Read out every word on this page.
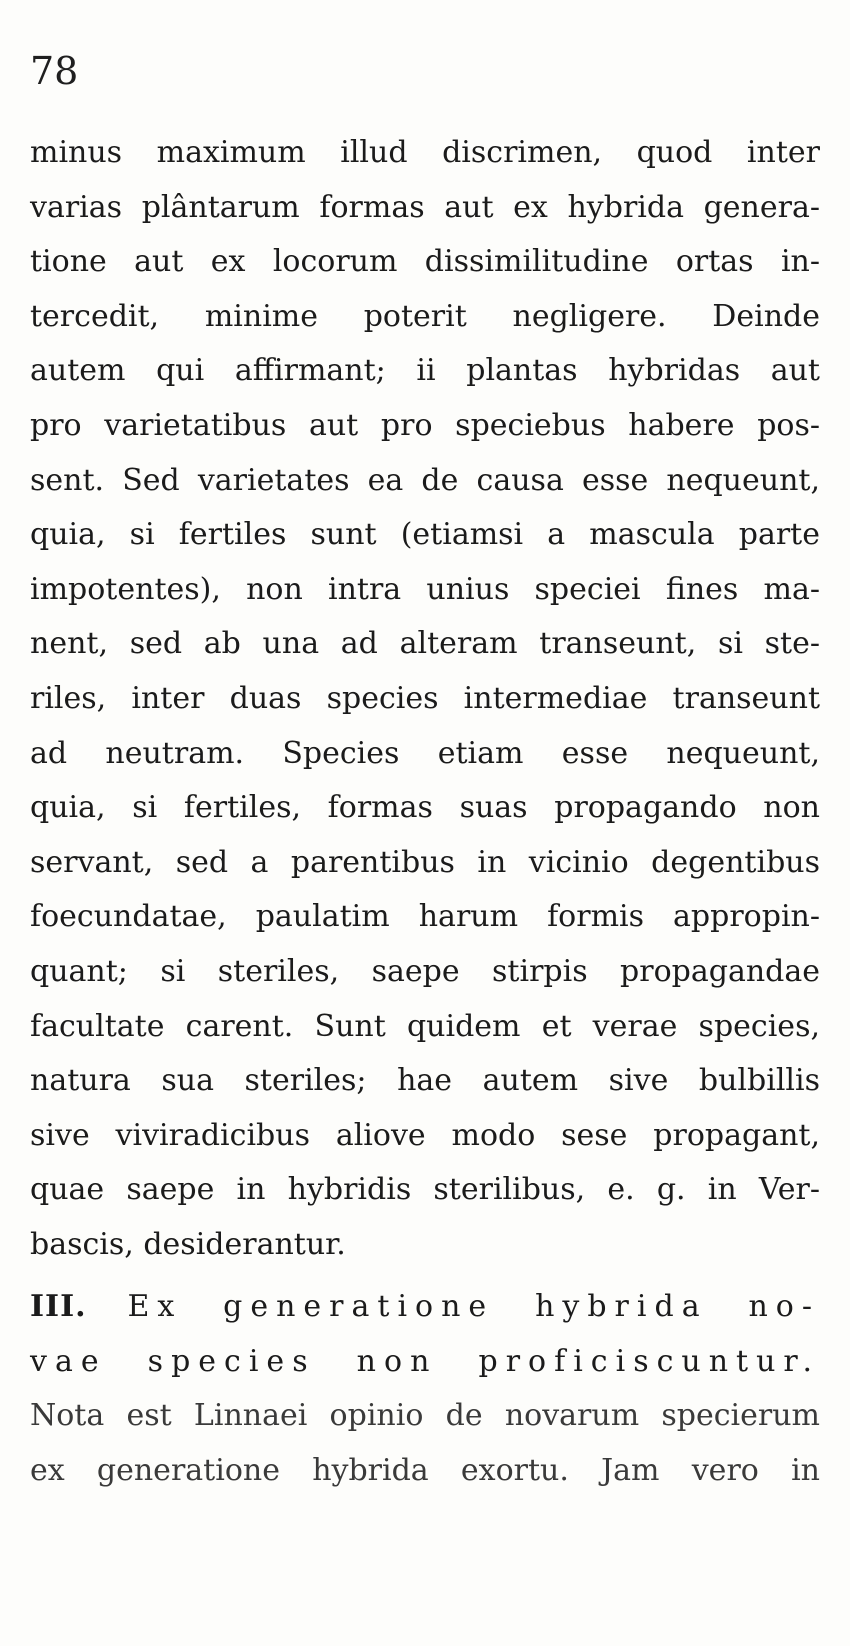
78
minus maximum illud discrimen, quod inter
varias plântarum formas aut ex hybrida genera-
tione aut ex locorum dissimilitudine ortas in-
tercedit, minime poterit negligere. Deinde
autem qui affirmant; ii plantas hybridas aut
pro varietatibus aut pro speciebus habere pos-
sent. Sed varietates ea de causa esse nequeunt,
quia, si fertiles sunt (etiamsi a mascula parte
impotentes), non intra unius speciei fines ma-
nent, sed ab una ad alteram transeunt, si ste-
riles, inter duas species intermediae transeunt
ad neutram. Species etiam esse nequeunt,
quia, si fertiles, formas suas propagando non
servant, sed a parentibus in vicinio degentibus
foecundatae, paulatim harum formis appropin-
quant; si steriles, saepe stirpis propagandae
facultate carent. Sunt quidem et verae species,
natura sua steriles; hae autem sive bulbillis
sive viviradicibus aliove modo sese propagant,
quae saepe in hybridis sterilibus, e. g. in Ver-
bascis, desiderantur.
III. Ex generatione hybrida no-
vae species non proficiscuntur.
Nota est Linnaei opinio de novarum specierum
ex generatione hybrida exortu. Jam vero in
